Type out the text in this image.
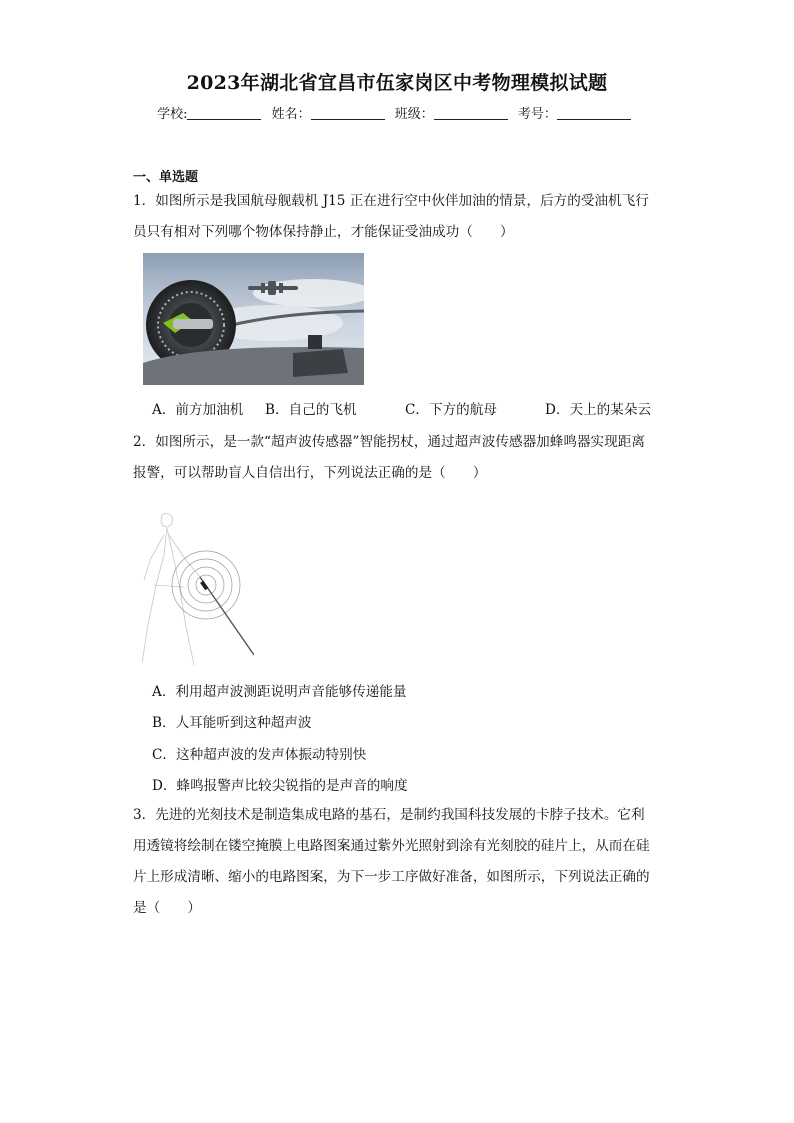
2023年湖北省宜昌市伍家岗区中考物理模拟试题
学校:	姓名：	班级：	考号：
一、单选题
1．如图所示是我国航母舰载机 J15 正在进行空中伙伴加油的情景，后方的受油机飞行
员只有相对下列哪个物体保持静止，才能保证受油成功（　　）
A．前方加油机	B．自己的飞机	C．下方的航母	D．天上的某朵云
2．如图所示，是一款“超声波传感器”智能拐杖，通过超声波传感器加蜂鸣器实现距离
报警，可以帮助盲人自信出行，下列说法正确的是（　　）
A．利用超声波测距说明声音能够传递能量
B．人耳能听到这种超声波
C．这种超声波的发声体振动特别快
D．蜂鸣报警声比较尖锐指的是声音的响度
3．先进的光刻技术是制造集成电路的基石，是制约我国科技发展的卡脖子技术。它利
用透镜将绘制在镂空掩膜上电路图案通过紫外光照射到涂有光刻胶的硅片上，从而在硅
片上形成清晰、缩小的电路图案，为下一步工序做好准备，如图所示，下列说法正确的
是（　　）
